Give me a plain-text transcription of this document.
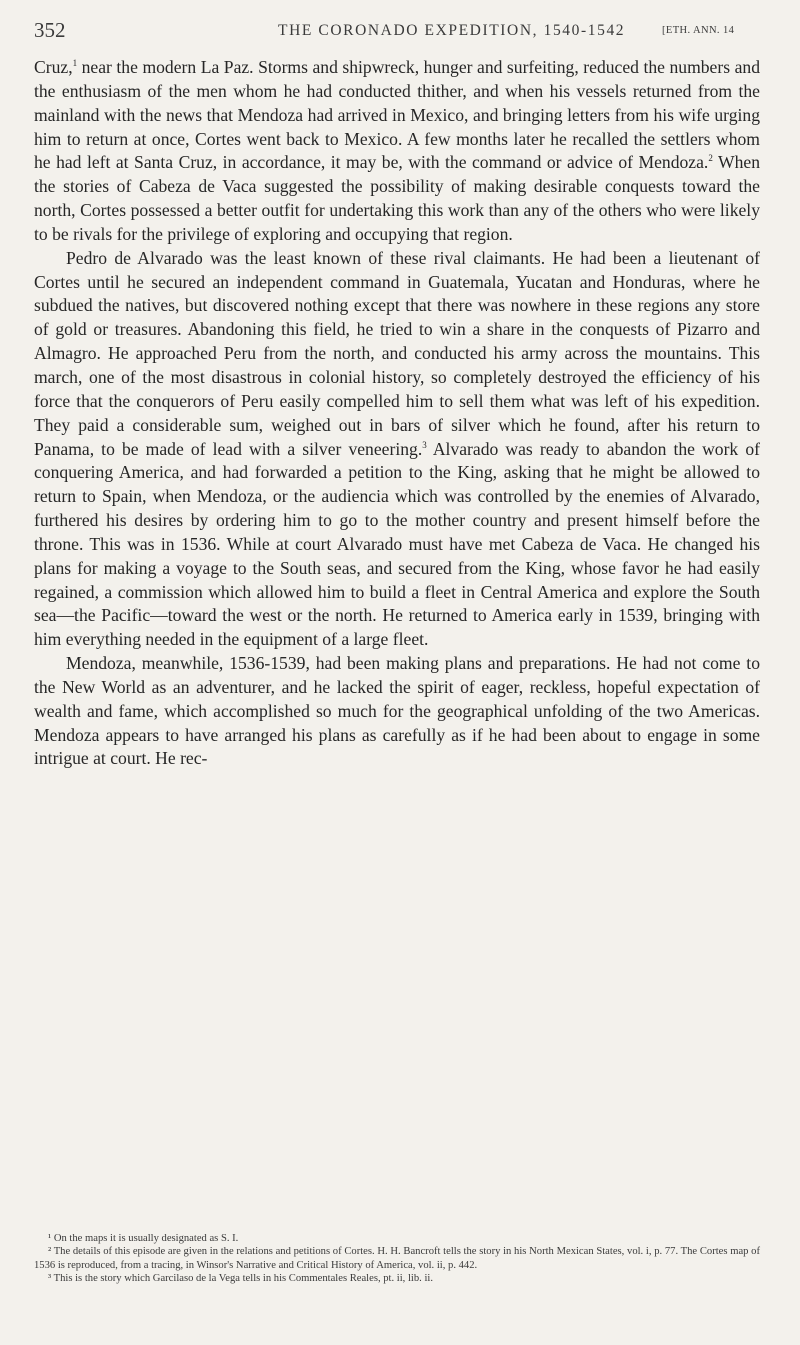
352	THE CORONADO EXPEDITION, 1540-1542	[ETH. ANN. 14

Cruz,$^1$ near the modern La Paz. Storms and shipwreck, hunger and surfeiting, reduced the numbers and the enthusiasm of the men whom he had conducted thither, and when his vessels returned from the mainland with the news that Mendoza had arrived in Mexico, and bringing letters from his wife urging him to return at once, Cortes went back to Mexico. A few months later he recalled the settlers whom he had left at Santa Cruz, in accordance, it may be, with the command or advice of Mendoza.$^2$ When the stories of Cabeza de Vaca suggested the possibility of making desirable conquests toward the north, Cortes possessed a better outfit for undertaking this work than any of the others who were likely to be rivals for the privilege of exploring and occupying that region.

Pedro de Alvarado was the least known of these rival claimants. He had been a lieutenant of Cortes until he secured an independent command in Guatemala, Yucatan and Honduras, where he subdued the natives, but discovered nothing except that there was nowhere in these regions any store of gold or treasures. Abandoning this field, he tried to win a share in the conquests of Pizarro and Almagro. He approached Peru from the north, and conducted his army across the mountains. This march, one of the most disastrous in colonial history, so completely destroyed the efficiency of his force that the conquerors of Peru easily compelled him to sell them what was left of his expedition. They paid a considerable sum, weighed out in bars of silver which he found, after his return to Panama, to be made of lead with a silver veneering.$^3$ Alvarado was ready to abandon the work of conquering America, and had forwarded a petition to the King, asking that he might be allowed to return to Spain, when Mendoza, or the audiencia which was controlled by the enemies of Alvarado, furthered his desires by ordering him to go to the mother country and present himself before the throne. This was in 1536. While at court Alvarado must have met Cabeza de Vaca. He changed his plans for making a voyage to the South seas, and secured from the King, whose favor he had easily regained, a commission which allowed him to build a fleet in Central America and explore the South sea—the Pacific—toward the west or the north. He returned to America early in 1539, bringing with him everything needed in the equipment of a large fleet.

Mendoza, meanwhile, 1536-1539, had been making plans and preparations. He had not come to the New World as an adventurer, and he lacked the spirit of eager, reckless, hopeful expectation of wealth and fame, which accomplished so much for the geographical unfolding of the two Americas. Mendoza appears to have arranged his plans as carefully as if he had been about to engage in some intrigue at court. He rec-

¹ On the maps it is usually designated as S. I.

² The details of this episode are given in the relations and petitions of Cortes. H. H. Bancroft tells the story in his North Mexican States, vol. i, p. 77. The Cortes map of 1536 is reproduced, from a tracing, in Winsor's Narrative and Critical History of America, vol. ii, p. 442.

³ This is the story which Garcilaso de la Vega tells in his Commentales Reales, pt. ii, lib. ii.
